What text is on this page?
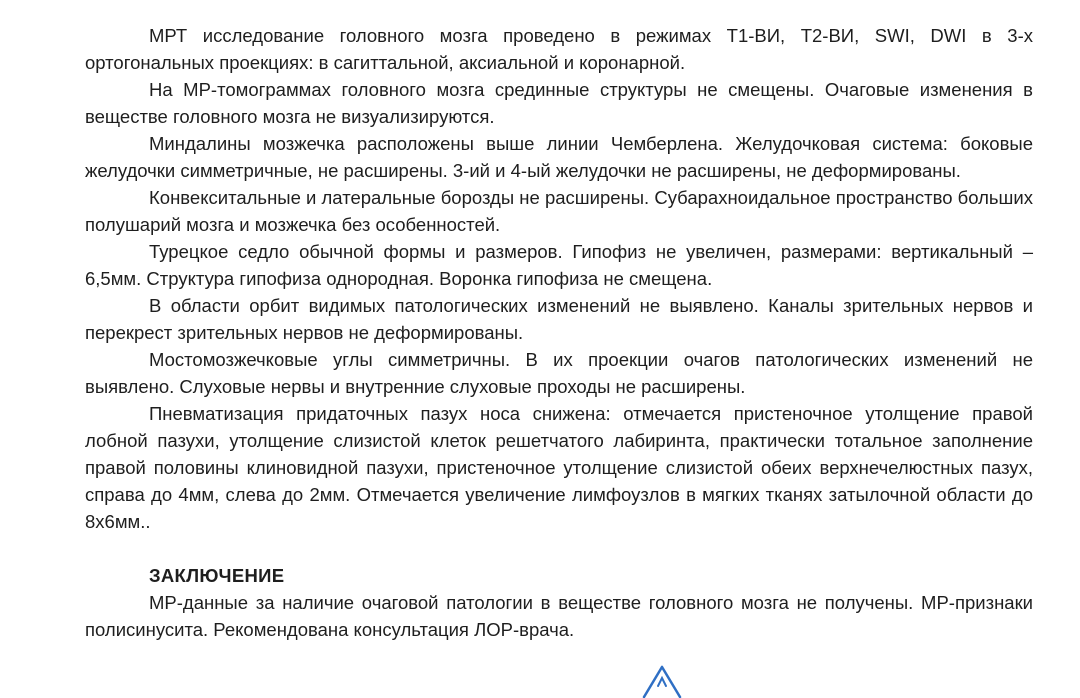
МРТ исследование головного мозга проведено в режимах Т1-ВИ, Т2-ВИ, SWI, DWI в 3-х ортогональных проекциях: в сагиттальной, аксиальной и коронарной.

На МР-томограммах головного мозга срединные структуры не смещены. Очаговые изменения в веществе головного мозга не визуализируются.

Миндалины мозжечка расположены выше линии Чемберлена. Желудочковая система: боковые желудочки симметричные, не расширены. 3-ий и 4-ый желудочки не расширены, не деформированы.

Конвекситальные и латеральные борозды не расширены. Субарахноидальное пространство больших полушарий мозга и мозжечка без особенностей.

Турецкое седло обычной формы и размеров. Гипофиз не увеличен, размерами: вертикальный – 6,5мм. Структура гипофиза однородная. Воронка гипофиза не смещена.

В области орбит видимых патологических изменений не выявлено. Каналы зрительных нервов и перекрест зрительных нервов не деформированы.

Мостомозжечковые углы симметричны. В их проекции очагов патологических изменений не выявлено. Слуховые нервы и внутренние слуховые проходы не расширены.

Пневматизация придаточных пазух носа снижена: отмечается пристеночное утолщение правой лобной пазухи, утолщение слизистой клеток решетчатого лабиринта, практически тотальное заполнение правой половины клиновидной пазухи, пристеночное утолщение слизистой обеих верхнечелюстных пазух, справа до 4мм, слева до 2мм. Отмечается увеличение лимфоузлов в мягких тканях затылочной области до 8х6мм..

ЗАКЛЮЧЕНИЕ

МР-данные за наличие очаговой патологии в веществе головного мозга не получены. МР-признаки полисинусита. Рекомендована консультация ЛОР-врача.
